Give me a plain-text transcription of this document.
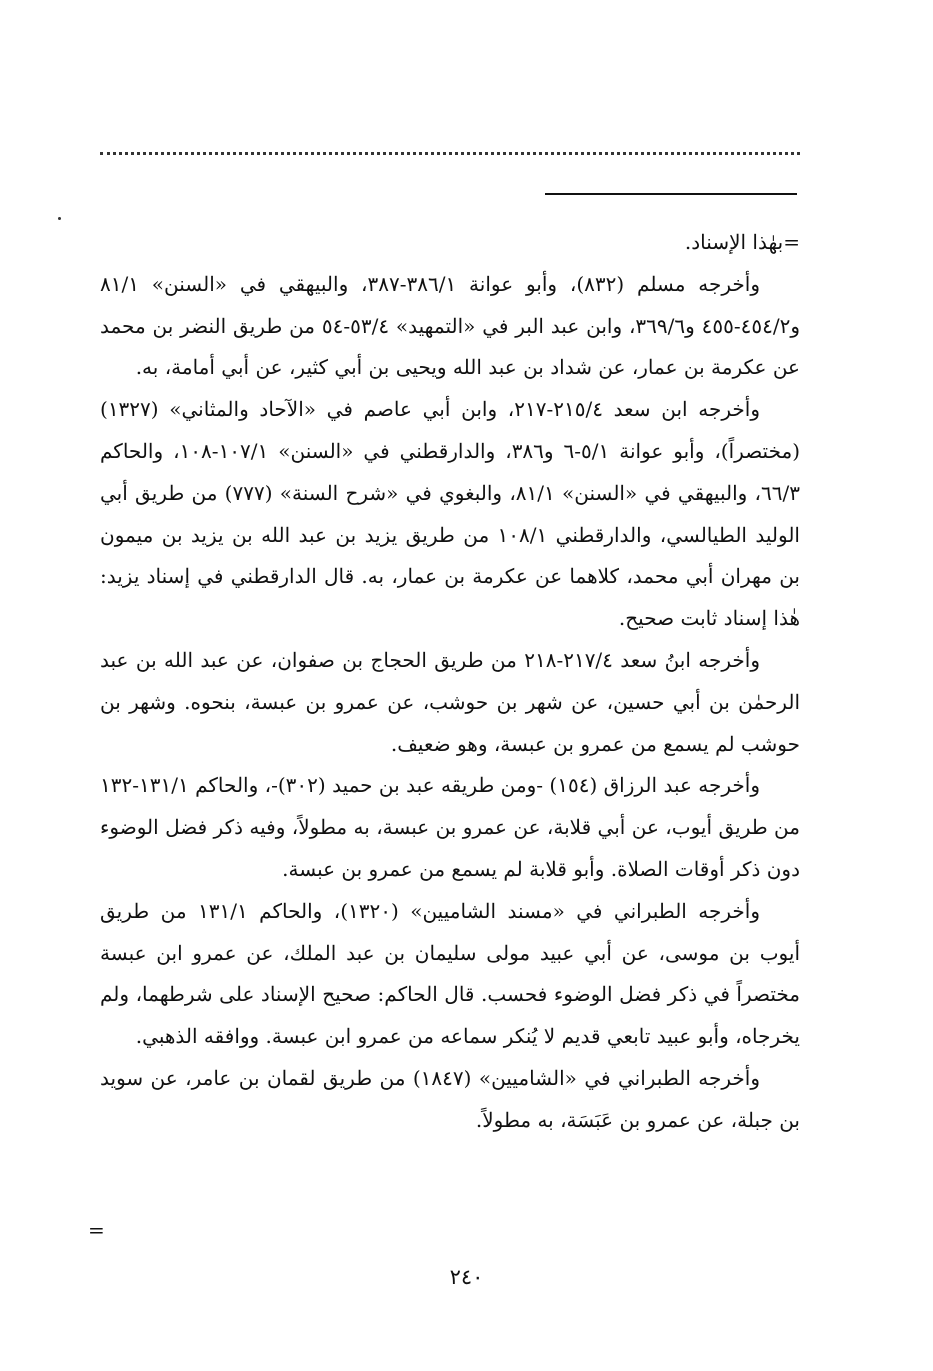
=بهٰذا الإسناد.

وأخرجه مسلم (٨٣٢)، وأبو عوانة ٣٨٦/١-٣٨٧، والبيهقي في «السنن» ٨١/١ و٤٥٤/٢-٤٥٥ و٣٦٩/٦، وابن عبد البر في «التمهيد» ٥٣/٤-٥٤ من طريق النضر بن محمد عن عكرمة بن عمار، عن شداد بن عبد الله ويحيى بن أبي كثير، عن أبي أمامة، به.

وأخرجه ابن سعد ٢١٥/٤-٢١٧، وابن أبي عاصم في «الآحاد والمثاني» (١٣٢٧) (مختصراً)، وأبو عوانة ٥/١-٦ و٣٨٦، والدارقطني في «السنن» ١٠٧/١-١٠٨، والحاكم ٦٦/٣، والبيهقي في «السنن» ٨١/١، والبغوي في «شرح السنة» (٧٧٧) من طريق أبي الوليد الطيالسي، والدارقطني ١٠٨/١ من طريق يزيد بن عبد الله بن يزيد بن ميمون بن مهران أبي محمد، كلاهما عن عكرمة بن عمار، به. قال الدارقطني في إسناد يزيد: هٰذا إسناد ثابت صحيح.

وأخرجه ابنُ سعد ٢١٧/٤-٢١٨ من طريق الحجاج بن صفوان، عن عبد الله بن عبد الرحمٰن بن أبي حسين، عن شهر بن حوشب، عن عمرو بن عبسة، بنحوه. وشهر بن حوشب لم يسمع من عمرو بن عبسة، وهو ضعيف.

وأخرجه عبد الرزاق (١٥٤) -ومن طريقه عبد بن حميد (٣٠٢)-، والحاكم ١٣١/١-١٣٢ من طريق أيوب، عن أبي قلابة، عن عمرو بن عبسة، به مطولاً، وفيه ذكر فضل الوضوء دون ذكر أوقات الصلاة. وأبو قلابة لم يسمع من عمرو بن عبسة.

وأخرجه الطبراني في «مسند الشاميين» (١٣٢٠)، والحاكم ١٣١/١ من طريق أيوب بن موسى، عن أبي عبيد مولى سليمان بن عبد الملك، عن عمرو ابن عبسة مختصراً في ذكر فضل الوضوء فحسب. قال الحاكم: صحيح الإسناد على شرطهما، ولم يخرجاه، وأبو عبيد تابعي قديم لا يُنكر سماعه من عمرو ابن عبسة. ووافقه الذهبي.

وأخرجه الطبراني في «الشاميين» (١٨٤٧) من طريق لقمان بن عامر، عن سويد بن جبلة، عن عمرو بن عَبَسَة، به مطولاً.

=
٢٤٠
